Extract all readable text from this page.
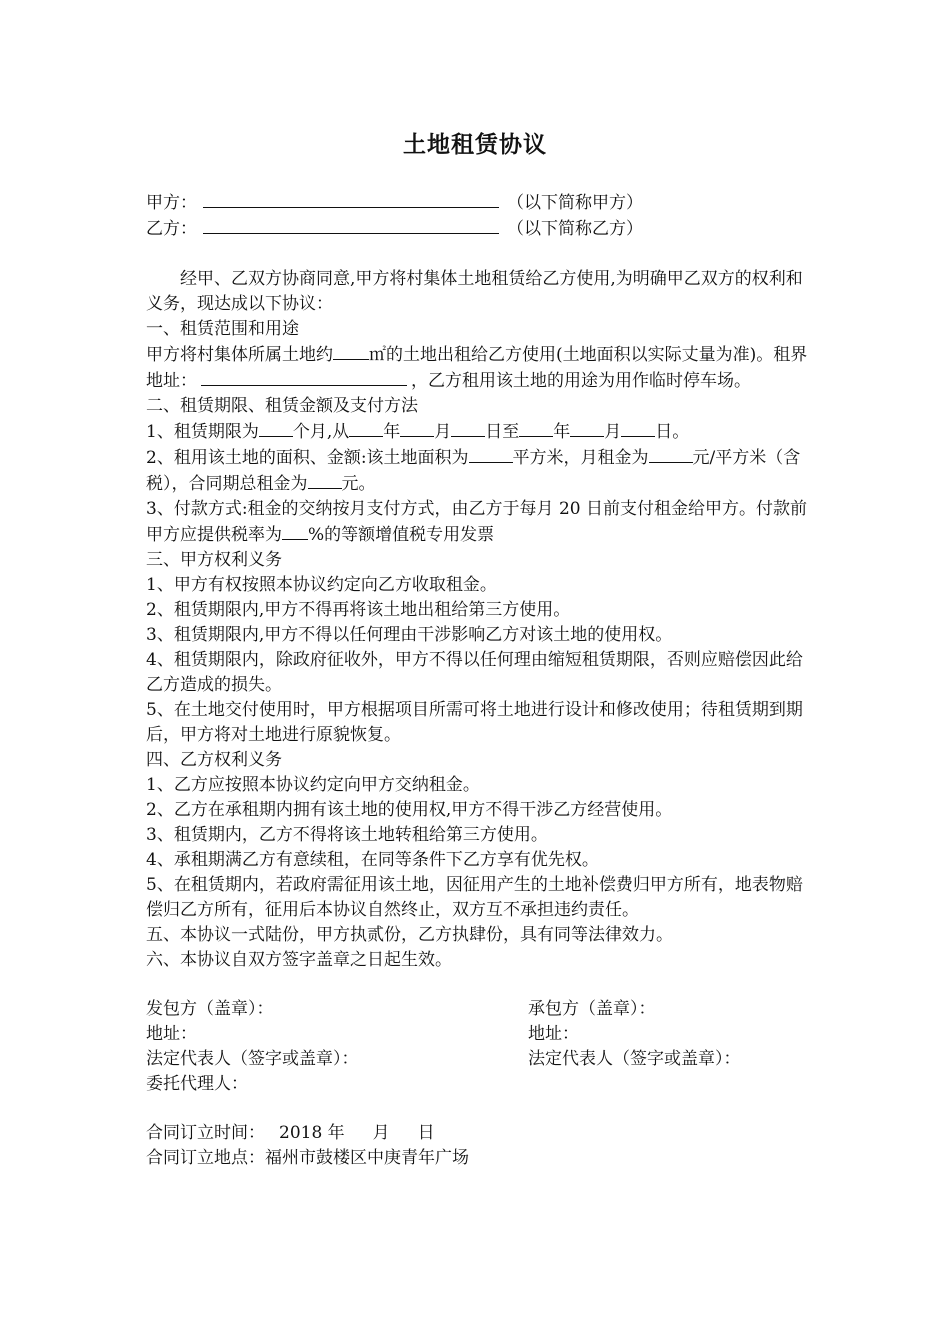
土地租赁协议
甲方：	（以下简称甲方）
乙方：	（以下简称乙方）
经甲、乙双方协商同意,甲方将村集体土地租赁给乙方使用,为明确甲乙双方的权利和义务，现达成以下协议：
一、租赁范围和用途
甲方将村集体所属土地约 ㎡的土地出租给乙方使用(土地面积以实际丈量为准)。租界地址：	，乙方租用该土地的用途为用作临时停车场。
二、租赁期限、租赁金额及支付方法
1、租赁期限为 个月,从 年 月 日至 年 月 日。
2、租用该土地的面积、金额:该土地面积为	平方米，月租金为	元/平方米（含税），合同期总租金为 元。
3、付款方式:租金的交纳按月支付方式，由乙方于每月 20 日前支付租金给甲方。付款前甲方应提供税率为 %的等额增值税专用发票
三、甲方权利义务
1、甲方有权按照本协议约定向乙方收取租金。
2、租赁期限内,甲方不得再将该土地出租给第三方使用。
3、租赁期限内,甲方不得以任何理由干涉影响乙方对该土地的使用权。
4、租赁期限内，除政府征收外，甲方不得以任何理由缩短租赁期限，否则应赔偿因此给乙方造成的损失。
5、在土地交付使用时，甲方根据项目所需可将土地进行设计和修改使用；待租赁期到期后，甲方将对土地进行原貌恢复。
四、乙方权利义务
1、乙方应按照本协议约定向甲方交纳租金。
2、乙方在承租期内拥有该土地的使用权,甲方不得干涉乙方经营使用。
3、租赁期内，乙方不得将该土地转租给第三方使用。
4、承租期满乙方有意续租，在同等条件下乙方享有优先权。
5、在租赁期内，若政府需征用该土地，因征用产生的土地补偿费归甲方所有，地表物赔偿归乙方所有，征用后本协议自然终止，双方互不承担违约责任。
五、本协议一式陆份，甲方执贰份，乙方执肆份，具有同等法律效力。
六、本协议自双方签字盖章之日起生效。
发包方（盖章）：	承包方（盖章）：
地址：	地址：
法定代表人（签字或盖章）：	法定代表人（签字或盖章）：
委托代理人：
合同订立时间： 2018 年 月 日
合同订立地点：福州市鼓楼区中庚青年广场
